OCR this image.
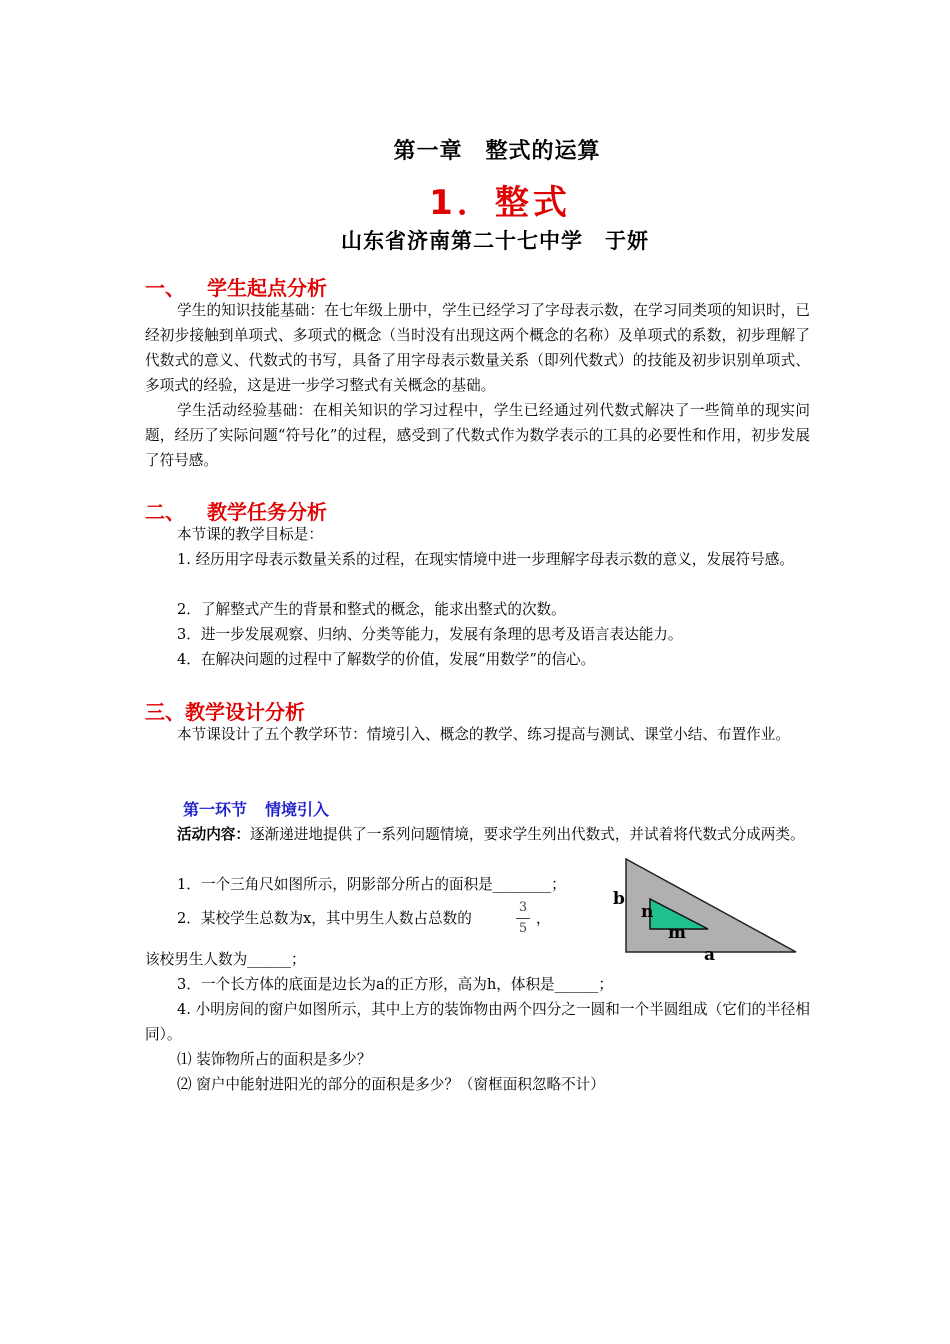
第一章　整式的运算
1．整式
山东省济南第二十七中学　于妍
一、 学生起点分析
学生的知识技能基础：在七年级上册中，学生已经学习了字母表示数，在学习同类项的知识时，已经初步接触到单项式、多项式的概念（当时没有出现这两个概念的名称）及单项式的系数，初步理解了代数式的意义、代数式的书写，具备了用字母表示数量关系（即列代数式）的技能及初步识别单项式、多项式的经验，这是进一步学习整式有关概念的基础。
学生活动经验基础：在相关知识的学习过程中，学生已经通过列代数式解决了一些简单的现实问题，经历了实际问题“符号化”的过程，感受到了代数式作为数学表示的工具的必要性和作用，初步发展了符号感。
二、 教学任务分析
本节课的教学目标是：
1. 经历用字母表示数量关系的过程，在现实情境中进一步理解字母表示数的意义，发展符号感。
2．了解整式产生的背景和整式的概念，能求出整式的次数。
3．进一步发展观察、归纳、分类等能力，发展有条理的思考及语言表达能力。
4．在解决问题的过程中了解数学的价值，发展“用数学”的信心。
三、教学设计分析
本节课设计了五个教学环节：情境引入、概念的教学、练习提高与测试、课堂小结、布置作业。
第一环节 情境引入
活动内容：逐渐递进地提供了一系列问题情境，要求学生列出代数式，并试着将代数式分成两类。
1．一个三角尺如图所示，阴影部分所占的面积是________；
2．某校学生总数为x，其中男生人数占总数的
3
5
，
该校男生人数为______；
3．一个长方体的底面是边长为a的正方形，高为h，体积是______；
4. 小明房间的窗户如图所示，其中上方的装饰物由两个四分之一圆和一个半圆组成（它们的半径相同）。
⑴ 装饰物所占的面积是多少？
⑵ 窗户中能射进阳光的部分的面积是多少？（窗框面积忽略不计）
b
n
m
a
